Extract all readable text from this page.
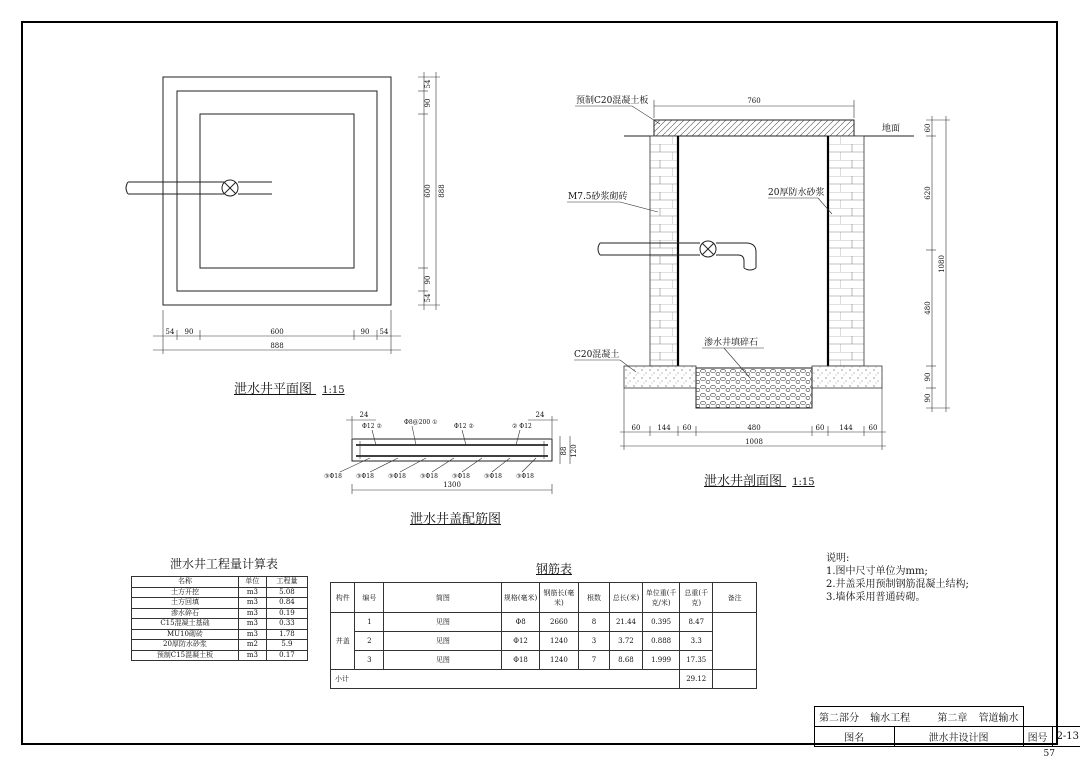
54 90	600	90 54
888
54
90
600
90
54
888
预制C20混凝土板
地面
M7.5砂浆砌砖	20厚防水砂浆
渗水井填碎石
C20混凝土
760
60 144 60	480	60 144 60
1008
60
620
480
90
90
1080
24	24
1300
88 120
Φ12 ②
Φ8@200 ①
Φ12 ②	② Φ12
③Φ18 ③Φ18 ③Φ18 ③Φ18 ③Φ18 ③Φ18 ③Φ18
57
泄水井平面图 1:15
泄水井剖面图 1:15
泄水井盖配筋图
泄水井工程量计算表
名称	单位	工程量
土方开挖	m3	5.08
土方回填	m3	0.84
渗水碎石	m3	0.19
C15混凝土基础	m3	0.33
MU10砌砖	m3	1.78
20厚防水砂浆	m2	5.9
预制C15混凝土板	m3	0.17
钢筋表
构件	编号	简图	规格(毫米)	钢筋长(毫米)	根数	总长(米)	单位重(千克/米)	总重(千克)	备注
井盖	1	见图	Φ8	2660	8	21.44	0.395	8.47	
	2	见图	Φ12	1240	3	3.72	0.888	3.3	
	3	见图	Φ18	1240	7	8.68	1.999	17.35	
小计								29.12	
说明:
1.图中尺寸单位为mm;
2.井盖采用预制钢筋混凝土结构;
3.墙体采用普通砖砌。
第二部分 输水工程 第二章 管道输水			
图名	泄水井设计图	图号	2-13
